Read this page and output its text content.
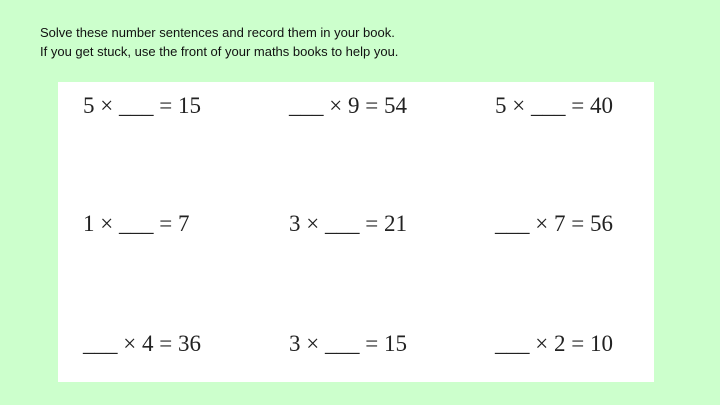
Solve these number sentences and record them in your book.
If you get stuck, use the front of your maths books to help you.
5 × ___ = 15	___ × 9 = 54	5 × ___ = 40
1 × ___ = 7	3 × ___ = 21	___ × 7 = 56
___ × 4 = 36	3 × ___ = 15	___ × 2 = 10
